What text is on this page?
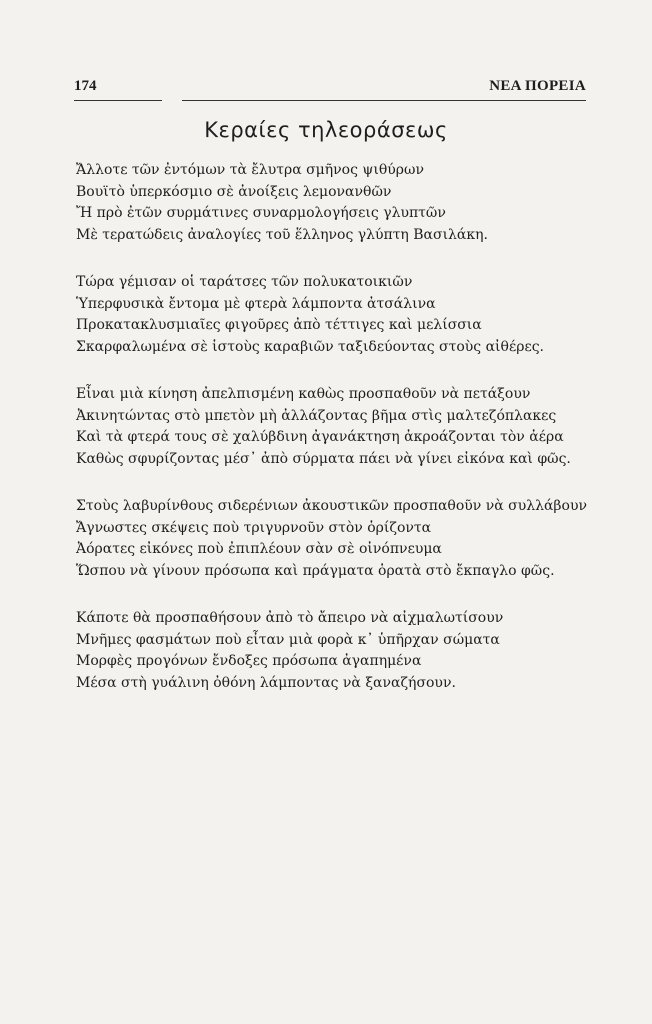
174	ΝΕΑ ΠΟΡΕΙΑ
Κεραίες τηλεοράσεως
Ἄλλοτε τῶν ἐντόμων τὰ ἔλυτρα σμῆνος ψιθύρων
Βουϊτὸ ὑπερκόσμιο σὲ ἀνοίξεις λεμονανθῶν
Ἤ πρὸ ἐτῶν συρμάτινες συναρμολογήσεις γλυπτῶν
Μὲ τερατώδεις ἀναλογίες τοῦ ἕλληνος γλύπτη Βασιλάκη.
Τώρα γέμισαν οἱ ταράτσες τῶν πολυκατοικιῶν
Ὑπερφυσικὰ ἔντομα μὲ φτερὰ λάμποντα ἀτσάλινα
Προκατακλυσμιαῖες φιγοῦρες ἀπὸ τέττιγες καὶ μελίσσια
Σκαρφαλωμένα σὲ ἱστοὺς καραβιῶν ταξιδεύοντας στοὺς αἰθέρες.
Εἶναι μιὰ κίνηση ἀπελπισμένη καθὼς προσπαθοῦν νὰ πετάξουν
Ἀκινητώντας στὸ μπετὸν μὴ ἀλλάζοντας βῆμα στὶς μαλτεζόπλακες
Καὶ τὰ φτερά τους σὲ χαλύβδινη ἀγανάκτηση ἀκροάζονται τὸν ἀέρα
Καθὼς σφυρίζοντας μέσ᾽ ἀπὸ σύρματα πάει νὰ γίνει εἰκόνα καὶ φῶς.
Στοὺς λαβυρίνθους σιδερένιων ἀκουστικῶν προσπαθοῦν νὰ συλλάβουν
Ἄγνωστες σκέψεις ποὺ τριγυρνοῦν στὸν ὁρίζοντα
Ἀόρατες εἰκόνες ποὺ ἐπιπλέουν σὰν σὲ οἰνόπνευμα
Ὥσπου νὰ γίνουν πρόσωπα καὶ πράγματα ὁρατὰ στὸ ἔκπαγλο φῶς.
Κάποτε θὰ προσπαθήσουν ἀπὸ τὸ ἄπειρο νὰ αἰχμαλωτίσουν
Μνῆμες φασμάτων ποὺ εἶταν μιὰ φορὰ κ᾽ ὑπῆρχαν σώματα
Μορφὲς προγόνων ἔνδοξες πρόσωπα ἀγαπημένα
Μέσα στὴ γυάλινη ὀθόνη λάμποντας νὰ ξαναζήσουν.
